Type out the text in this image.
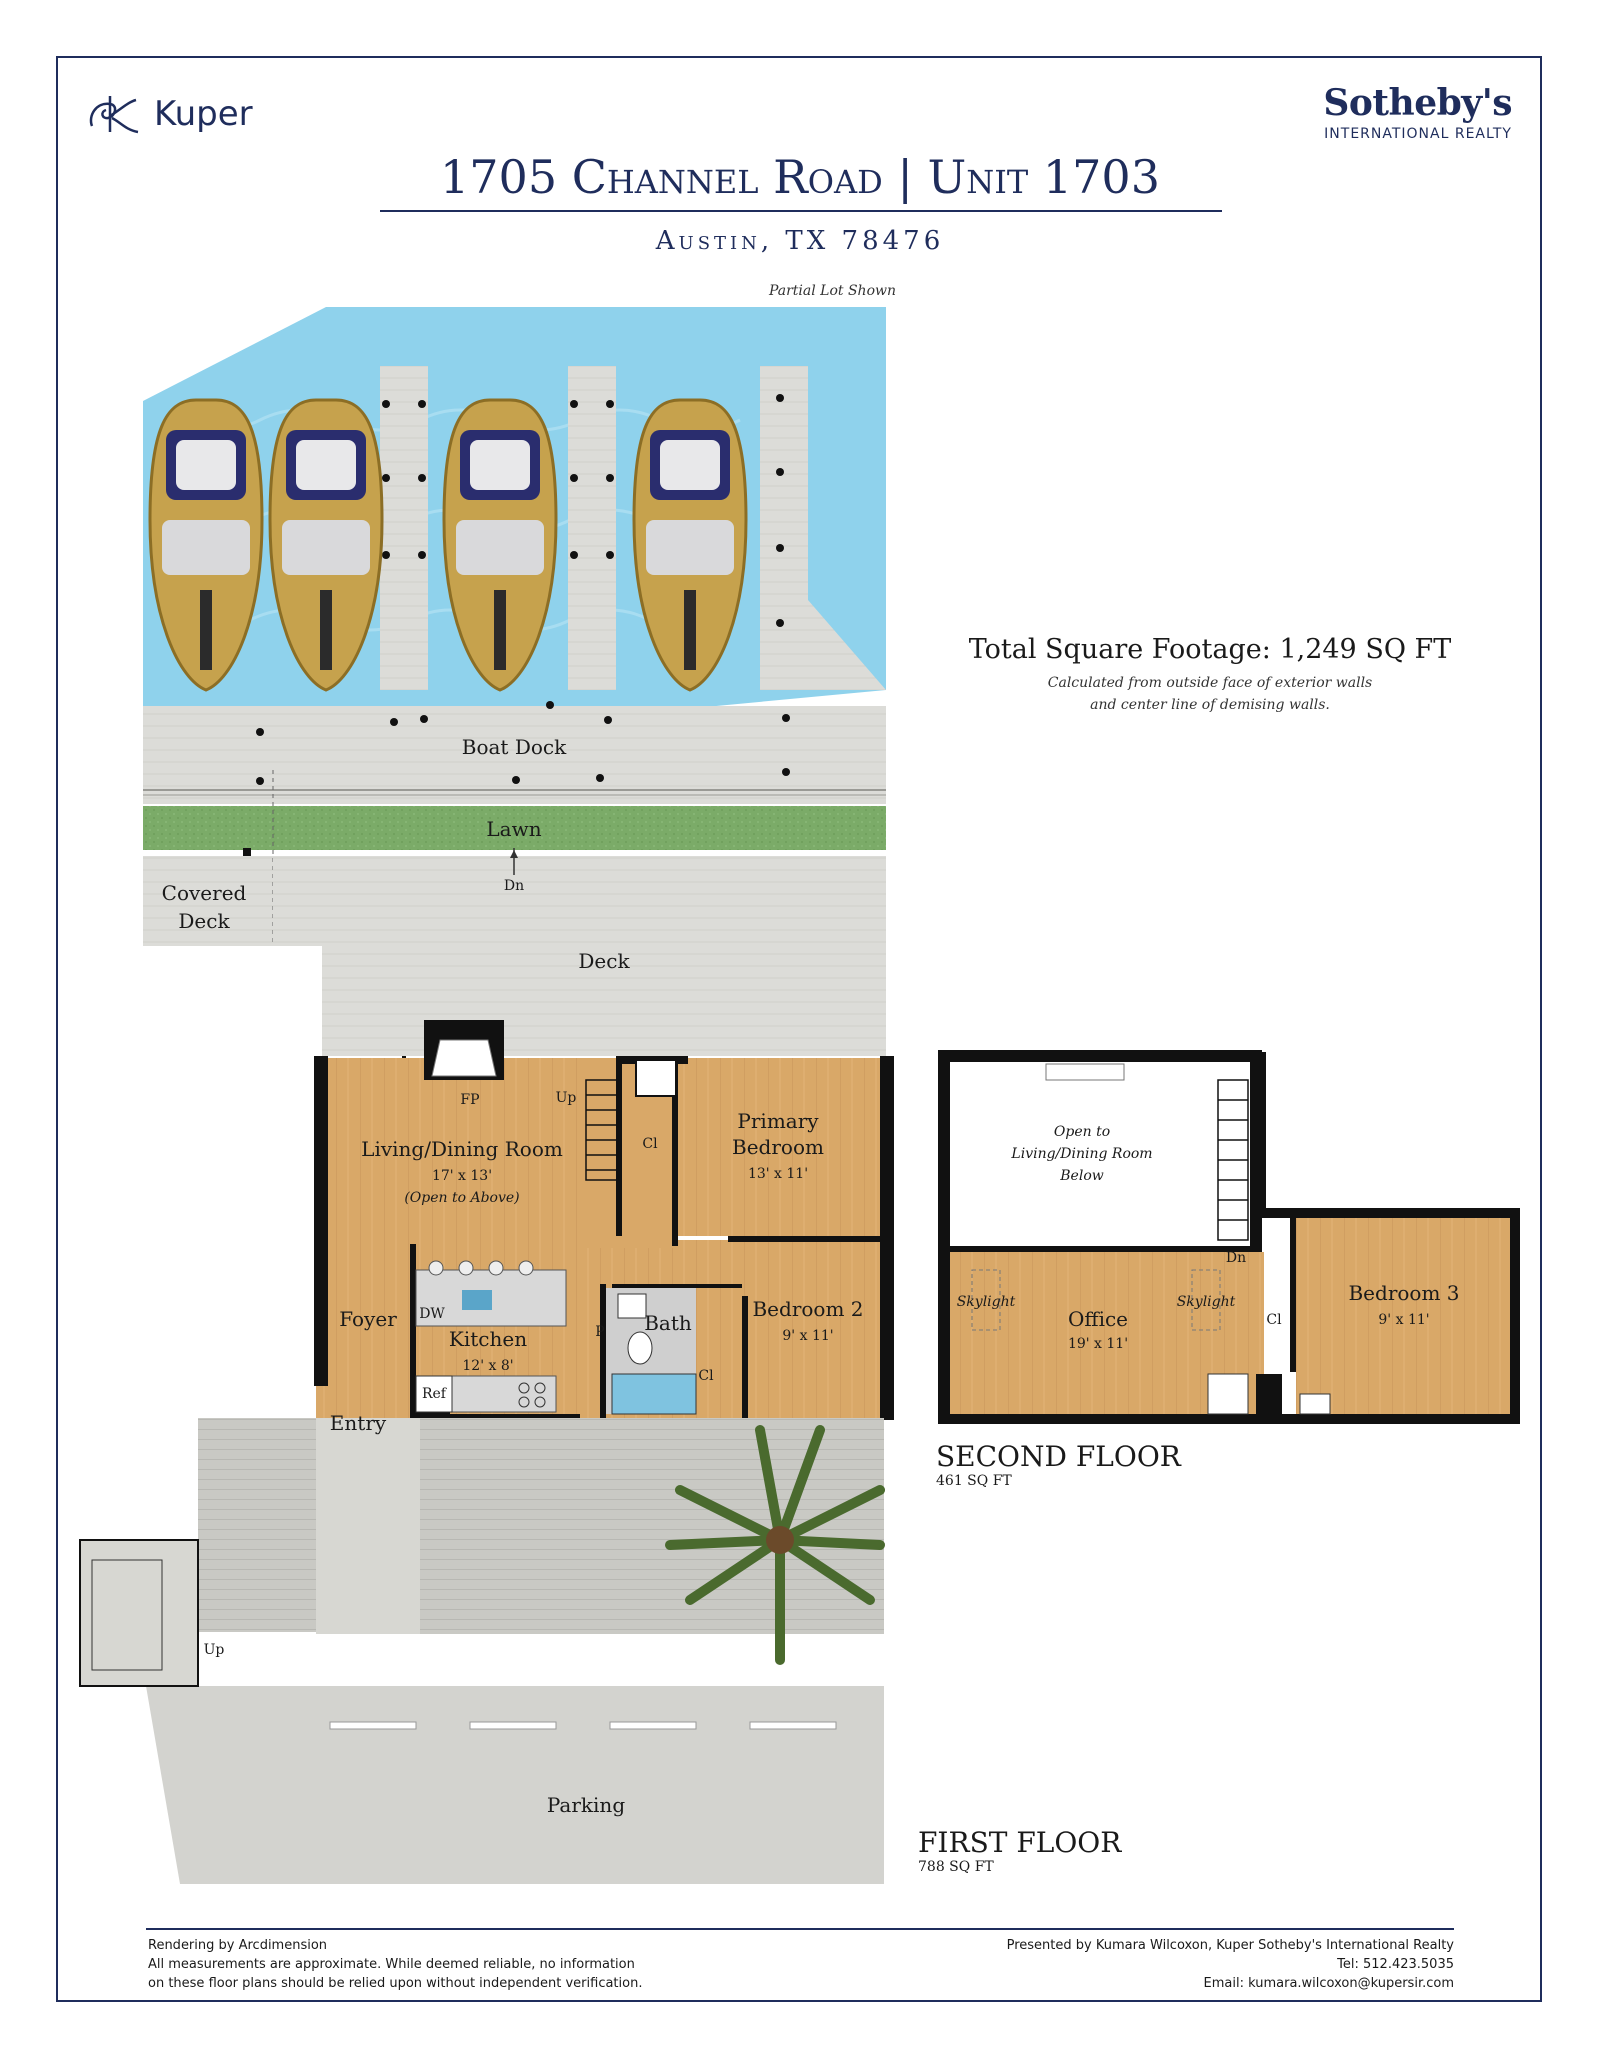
Kuper	Sotheby's
INTERNATIONAL REALTY
1705 Channel Road | Unit 1703
Austin, TX 78476
Partial Lot Shown
Total Square Footage: 1,249 SQ FT
Calculated from outside face of exterior walls
and center line of demising walls.
Boat Dock
Lawn
Dn
Covered
Deck
Deck
FP	Up
Living/Dining Room
17' x 13'
(Open to Above)
Cl
Primary
Bedroom
13' x 11'
Foyer DW
Kitchen
12' x 8'
Ref
P Bath
Cl
Bedroom 2
9' x 11'
Entry
Up
Parking
Open to
Living/Dining Room
Below
Dn
Skylight
Office
19' x 11'
Skylight
Cl
Bedroom 3
9' x 11'
SECOND FLOOR
461 SQ FT
FIRST FLOOR
788 SQ FT
Rendering by Arcdimension
All measurements are approximate. While deemed reliable, no information
on these floor plans should be relied upon without independent verification.
Presented by Kumara Wilcoxon, Kuper Sotheby's International Realty
Tel: 512.423.5035
Email: kumara.wilcoxon@kupersir.com
